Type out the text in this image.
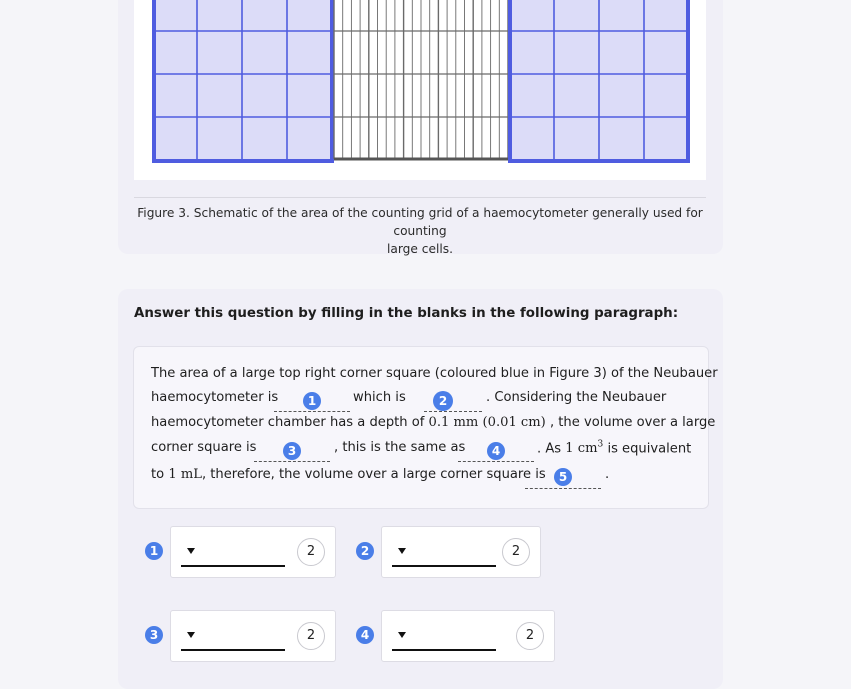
Figure 3. Schematic of the area of the counting grid of a haemocytometer generally used for counting
large cells.
Answer this question by filling in the blanks in the following paragraph:
The area of a large top right corner square (coloured blue in Figure 3) of the Neubauer
haemocytometer is	1	which is	2	. Considering the Neubauer
haemocytometer chamber has a depth of 0.1 mm (0.01 cm) , the volume over a large
corner square is	3	, this is the same as	4	. As 1 $cm^3$ is equivalent
to 1 mL, therefore, the volume over a large corner square is	5	.
1	2	2	2
3	2	4	2
